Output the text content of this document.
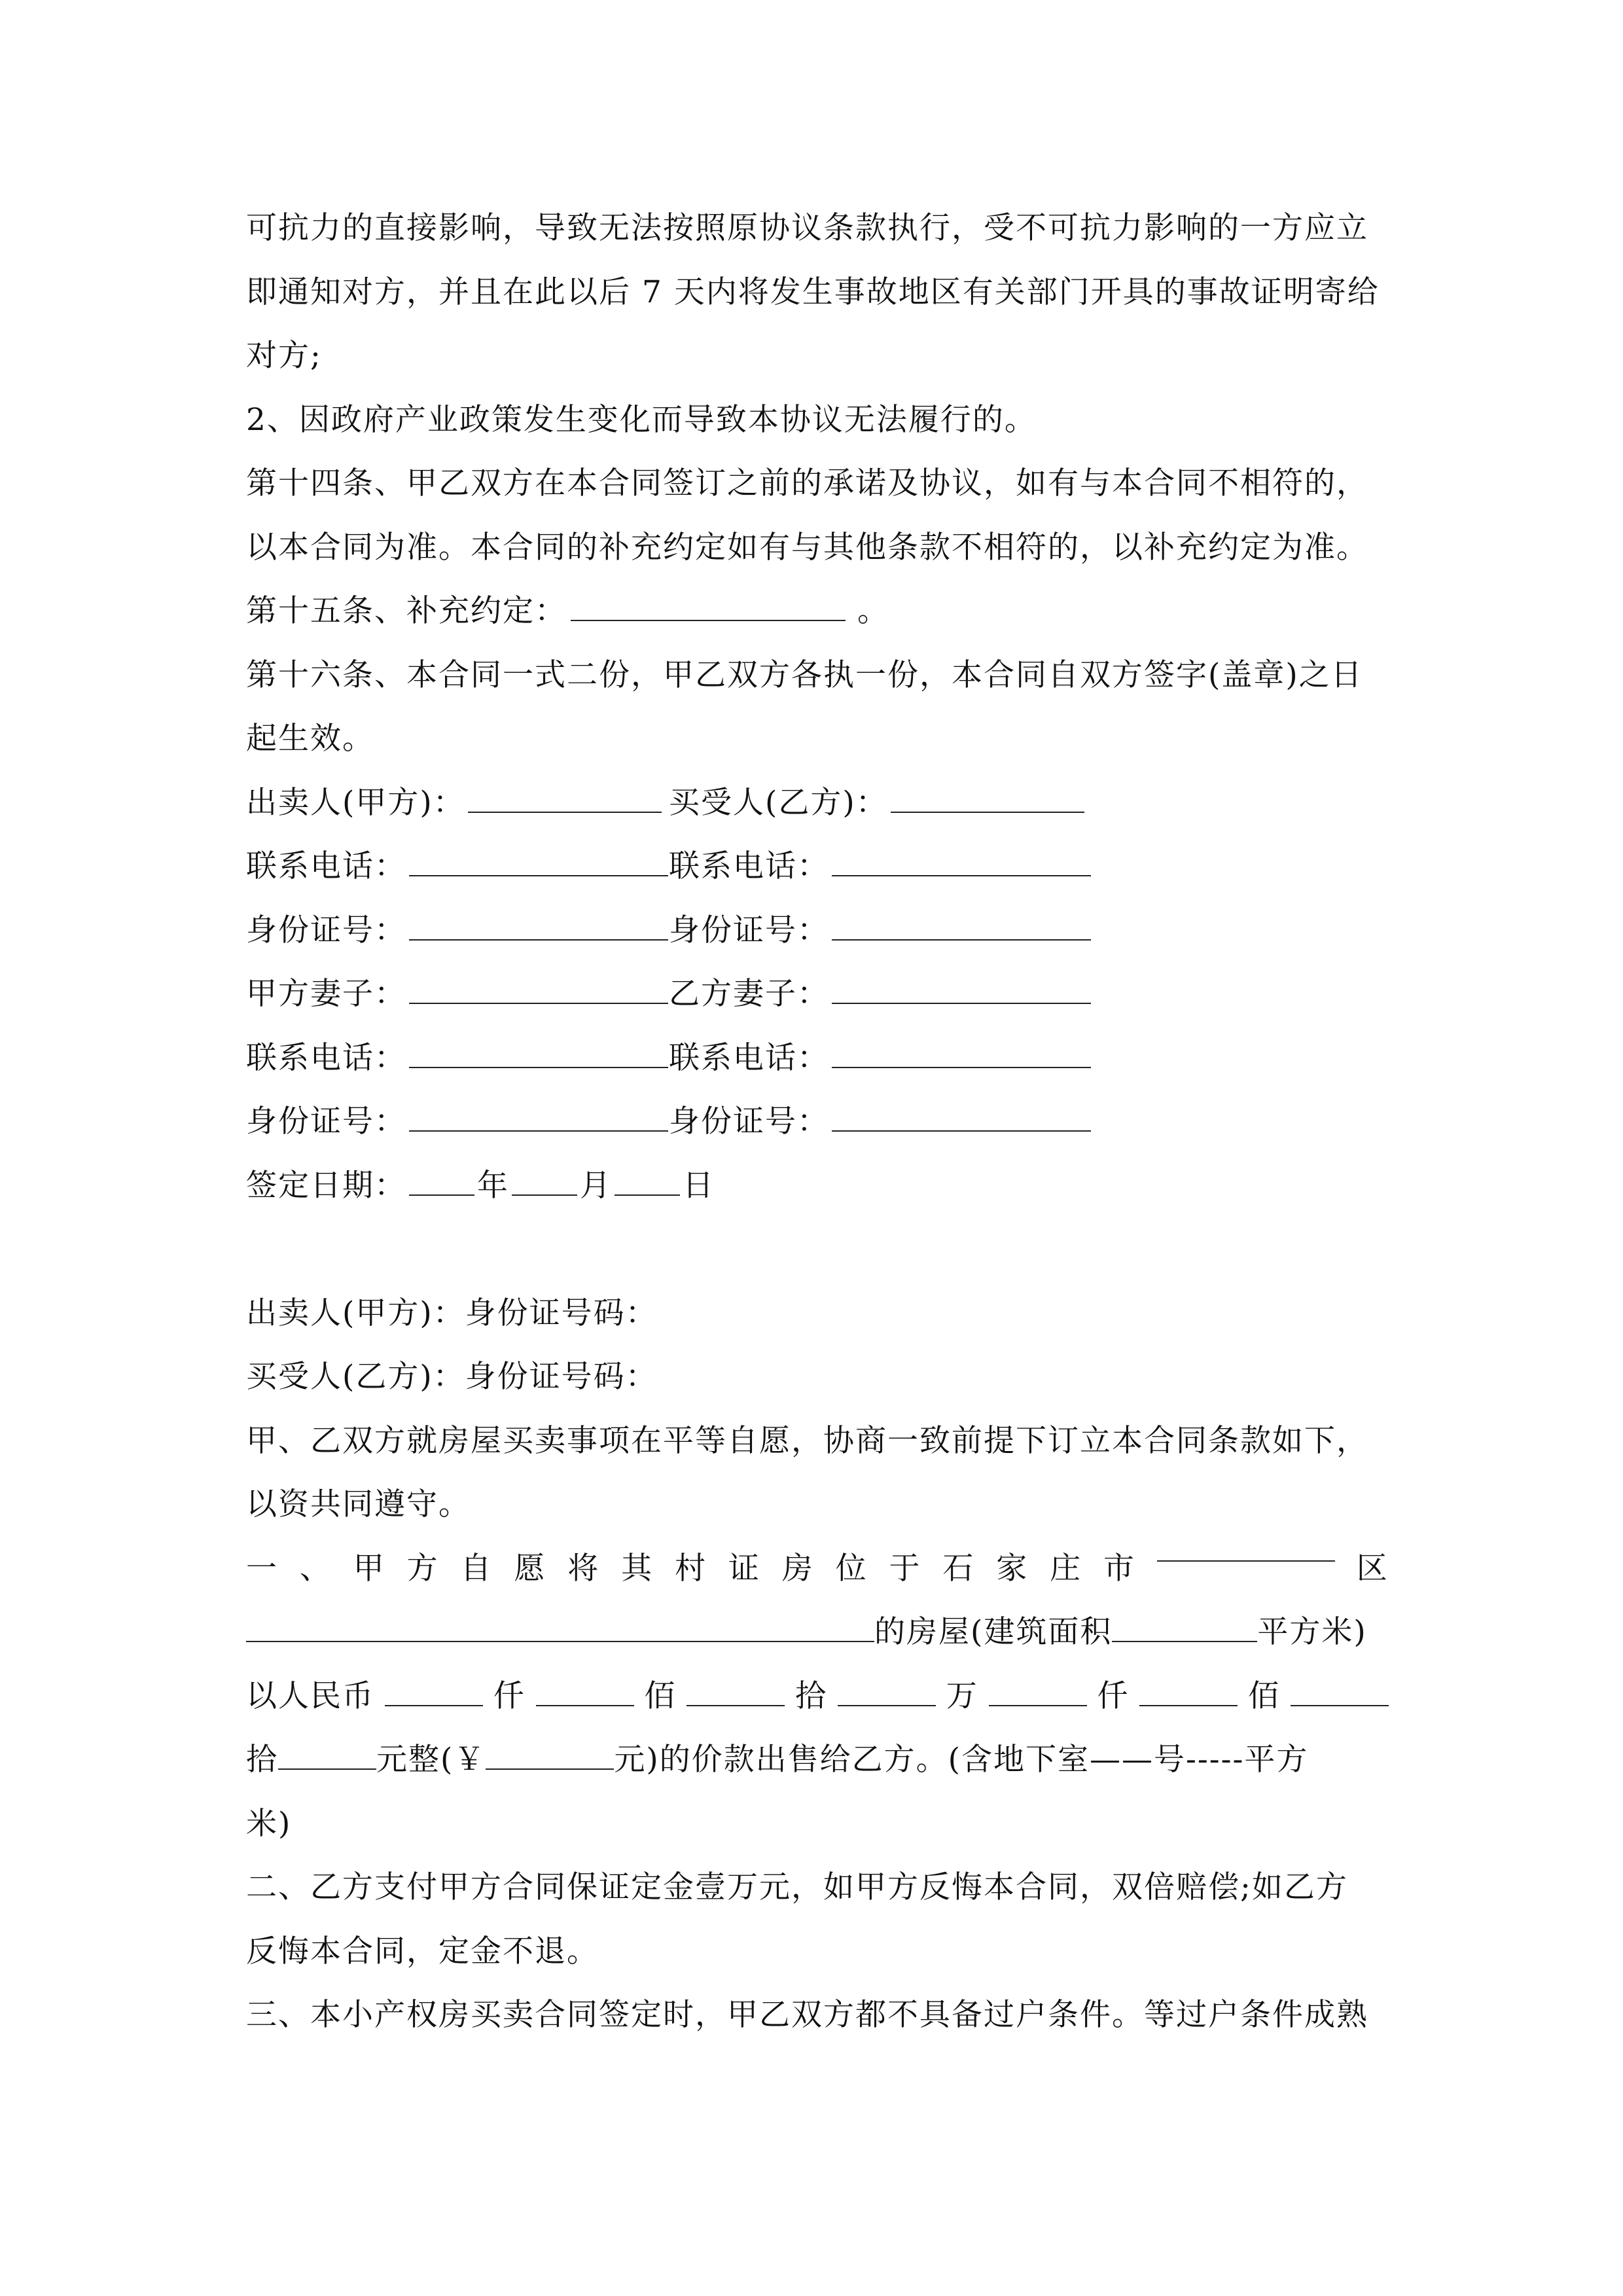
可抗力的直接影响，导致无法按照原协议条款执行，受不可抗力影响的一方应立
即通知对方，并且在此以后 7 天内将发生事故地区有关部门开具的事故证明寄给
对方;
2、因政府产业政策发生变化而导致本协议无法履行的。
第十四条、甲乙双方在本合同签订之前的承诺及协议，如有与本合同不相符的，
以本合同为准。本合同的补充约定如有与其他条款不相符的，以补充约定为准。
第十五条、补充约定：	。
第十六条、本合同一式二份，甲乙双方各执一份，本合同自双方签字(盖章)之日
起生效。
出卖人(甲方)：	买受人(乙方)：
联系电话：	联系电话：
身份证号：	身份证号：
甲方妻子：	乙方妻子：
联系电话：	联系电话：
身份证号：	身份证号：
签定日期： 年 月 日
出卖人(甲方)：身份证号码：
买受人(乙方)：身份证号码：
甲、乙双方就房屋买卖事项在平等自愿，协商一致前提下订立本合同条款如下，
以资共同遵守。
一 、 甲 方 自 愿 将 其 村 证 房 位 于 石 家 庄 市	区
的房屋(建筑面积	平方米)
以人民币	仟	佰	拾	万	仟	佰
拾	元整(￥	元)的价款出售给乙方。(含地下室——号-----平方
米)
二、乙方支付甲方合同保证定金壹万元，如甲方反悔本合同，双倍赔偿;如乙方
反悔本合同，定金不退。
三、本小产权房买卖合同签定时，甲乙双方都不具备过户条件。等过户条件成熟
